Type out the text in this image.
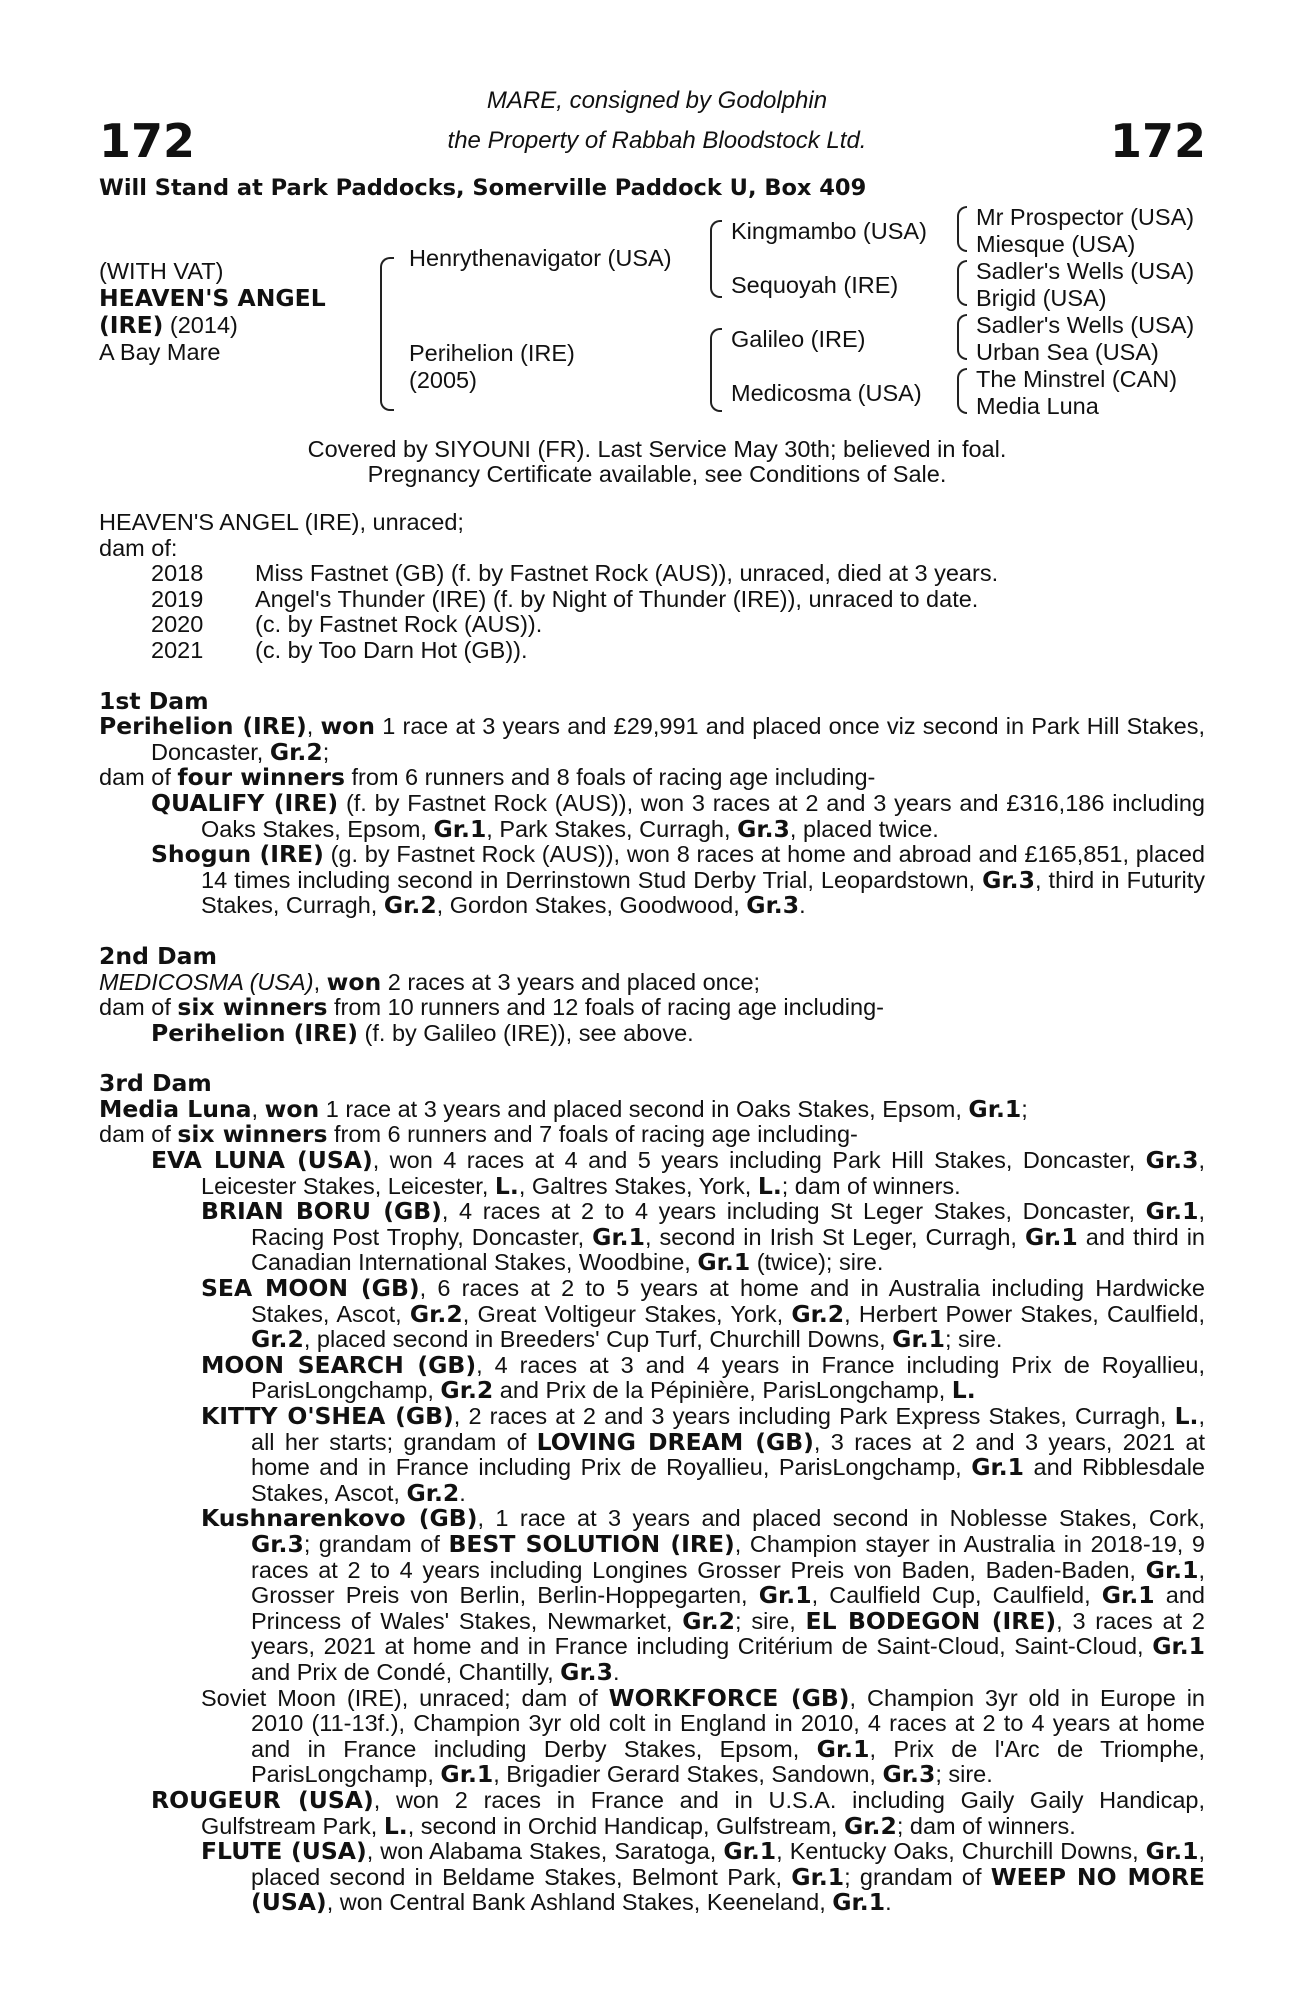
172	172
MARE, consigned by Godolphin
the Property of Rabbah Bloodstock Ltd.
Will Stand at Park Paddocks, Somerville Paddock U, Box 409
(WITH VAT)
HEAVEN'S ANGEL
(IRE) (2014)
A Bay Mare
Henrythenavigator (USA)
Perihelion (IRE)
(2005)
Kingmambo (USA)
Sequoyah (IRE)
Galileo (IRE)
Medicosma (USA)
Mr Prospector (USA)
Miesque (USA)
Sadler's Wells (USA)
Brigid (USA)
Sadler's Wells (USA)
Urban Sea (USA)
The Minstrel (CAN)
Media Luna
Covered by SIYOUNI (FR). Last Service May 30th; believed in foal.
Pregnancy Certificate available, see Conditions of Sale.

HEAVEN'S ANGEL (IRE), unraced;

dam of:

2018	Miss Fastnet (GB) (f. by Fastnet Rock (AUS)), unraced, died at 3 years.
2019	Angel's Thunder (IRE) (f. by Night of Thunder (IRE)), unraced to date.
2020	(c. by Fastnet Rock (AUS)).
2021	(c. by Too Darn Hot (GB)).

1st Dam

Perihelion (IRE), won 1 race at 3 years and £29,991 and placed once viz second in Park Hill Stakes, Doncaster, Gr.2;

dam of four winners from 6 runners and 8 foals of racing age including-

QUALIFY (IRE) (f. by Fastnet Rock (AUS)), won 3 races at 2 and 3 years and £316,186 including Oaks Stakes, Epsom, Gr.1, Park Stakes, Curragh, Gr.3, placed twice.

Shogun (IRE) (g. by Fastnet Rock (AUS)), won 8 races at home and abroad and £165,851, placed 14 times including second in Derrinstown Stud Derby Trial, Leopardstown, Gr.3, third in Futurity Stakes, Curragh, Gr.2, Gordon Stakes, Goodwood, Gr.3.

2nd Dam

MEDICOSMA (USA), won 2 races at 3 years and placed once;

dam of six winners from 10 runners and 12 foals of racing age including-

Perihelion (IRE) (f. by Galileo (IRE)), see above.

3rd Dam

Media Luna, won 1 race at 3 years and placed second in Oaks Stakes, Epsom, Gr.1;

dam of six winners from 6 runners and 7 foals of racing age including-

EVA LUNA (USA), won 4 races at 4 and 5 years including Park Hill Stakes, Doncaster, Gr.3, Leicester Stakes, Leicester, L., Galtres Stakes, York, L.; dam of winners.

BRIAN BORU (GB), 4 races at 2 to 4 years including St Leger Stakes, Doncaster, Gr.1, Racing Post Trophy, Doncaster, Gr.1, second in Irish St Leger, Curragh, Gr.1 and third in Canadian International Stakes, Woodbine, Gr.1 (twice); sire.

SEA MOON (GB), 6 races at 2 to 5 years at home and in Australia including Hardwicke Stakes, Ascot, Gr.2, Great Voltigeur Stakes, York, Gr.2, Herbert Power Stakes, Caulfield, Gr.2, placed second in Breeders' Cup Turf, Churchill Downs, Gr.1; sire.

MOON SEARCH (GB), 4 races at 3 and 4 years in France including Prix de Royallieu, ParisLongchamp, Gr.2 and Prix de la Pépinière, ParisLongchamp, L.

KITTY O'SHEA (GB), 2 races at 2 and 3 years including Park Express Stakes, Curragh, L., all her starts; grandam of LOVING DREAM (GB), 3 races at 2 and 3 years, 2021 at home and in France including Prix de Royallieu, ParisLongchamp, Gr.1 and Ribblesdale Stakes, Ascot, Gr.2.

Kushnarenkovo (GB), 1 race at 3 years and placed second in Noblesse Stakes, Cork, Gr.3; grandam of BEST SOLUTION (IRE), Champion stayer in Australia in 2018-19, 9 races at 2 to 4 years including Longines Grosser Preis von Baden, Baden-Baden, Gr.1, Grosser Preis von Berlin, Berlin-Hoppegarten, Gr.1, Caulfield Cup, Caulfield, Gr.1 and Princess of Wales' Stakes, Newmarket, Gr.2; sire, EL BODEGON (IRE), 3 races at 2 years, 2021 at home and in France including Critérium de Saint-Cloud, Saint-Cloud, Gr.1 and Prix de Condé, Chantilly, Gr.3.

Soviet Moon (IRE), unraced; dam of WORKFORCE (GB), Champion 3yr old in Europe in 2010 (11-13f.), Champion 3yr old colt in England in 2010, 4 races at 2 to 4 years at home and in France including Derby Stakes, Epsom, Gr.1, Prix de l'Arc de Triomphe, ParisLongchamp, Gr.1, Brigadier Gerard Stakes, Sandown, Gr.3; sire.

ROUGEUR (USA), won 2 races in France and in U.S.A. including Gaily Gaily Handicap, Gulfstream Park, L., second in Orchid Handicap, Gulfstream, Gr.2; dam of winners.

FLUTE (USA), won Alabama Stakes, Saratoga, Gr.1, Kentucky Oaks, Churchill Downs, Gr.1, placed second in Beldame Stakes, Belmont Park, Gr.1; grandam of WEEP NO MORE (USA), won Central Bank Ashland Stakes, Keeneland, Gr.1.
